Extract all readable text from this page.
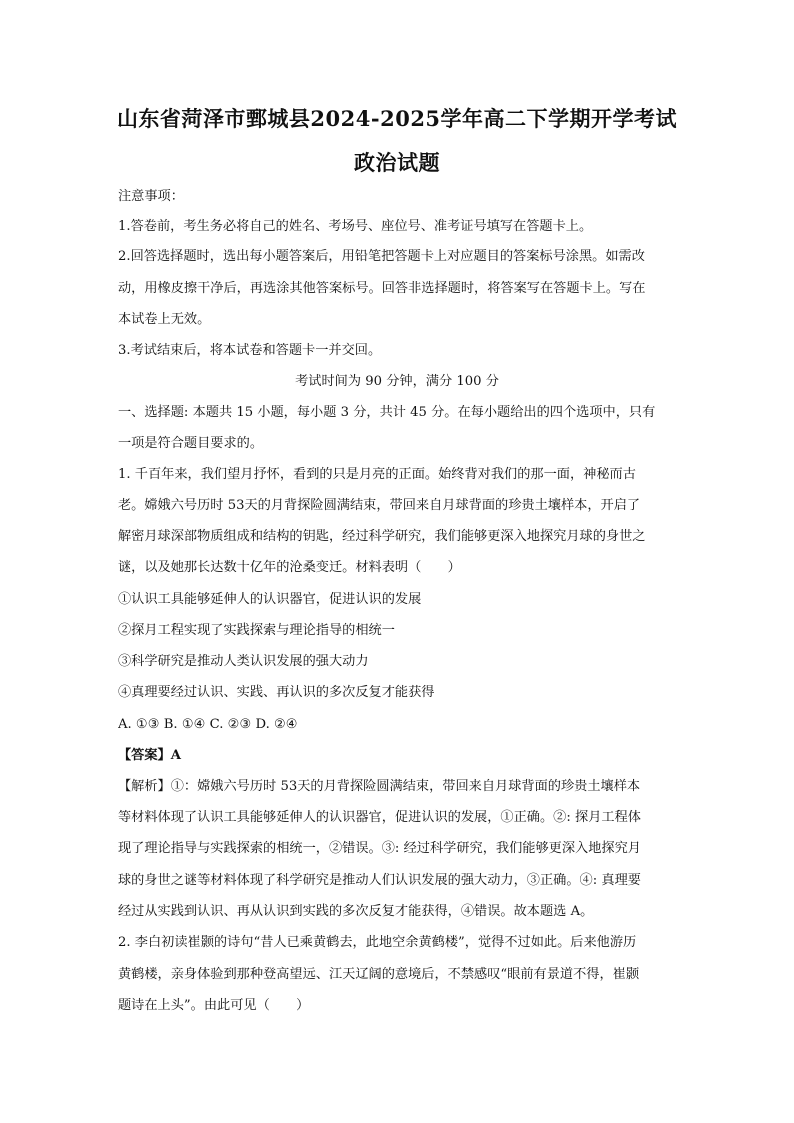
山东省菏泽市鄄城县2024-2025学年高二下学期开学考试
政治试题
注意事项：
1.答卷前，考生务必将自己的姓名、考场号、座位号、准考证号填写在答题卡上。
2.回答选择题时，选出每小题答案后，用铅笔把答题卡上对应题目的答案标号涂黑。如需改
动，用橡皮擦干净后，再选涂其他答案标号。回答非选择题时，将答案写在答题卡上。写在
本试卷上无效。
3.考试结束后，将本试卷和答题卡一并交回。
考试时间为 90 分钟，满分 100 分
一、选择题: 本题共 15 小题，每小题 3 分，共计 45 分。在每小题给出的四个选项中，只有
一项是符合题目要求的。
1. 千百年来，我们望月抒怀，看到的只是月亮的正面。始终背对我们的那一面，神秘而古
老。嫦娥六号历时 53天的月背探险圆满结束，带回来自月球背面的珍贵土壤样本，开启了
解密月球深部物质组成和结构的钥匙，经过科学研究，我们能够更深入地探究月球的身世之
谜，以及她那长达数十亿年的沧桑变迁。材料表明（　　）
①认识工具能够延伸人的认识器官，促进认识的发展
②探月工程实现了实践探索与理论指导的相统一
③科学研究是推动人类认识发展的强大动力
④真理要经过认识、实践、再认识的多次反复才能获得
A. ①③ B. ①④ C. ②③ D. ②④
【答案】A
【解析】①：嫦娥六号历时 53天的月背探险圆满结束，带回来自月球背面的珍贵土壤样本
等材料体现了认识工具能够延伸人的认识器官，促进认识的发展，①正确。②: 探月工程体
现了理论指导与实践探索的相统一，②错误。③: 经过科学研究，我们能够更深入地探究月
球的身世之谜等材料体现了科学研究是推动人们认识发展的强大动力，③正确。④: 真理要
经过从实践到认识、再从认识到实践的多次反复才能获得，④错误。故本题选 A。
2. 李白初读崔颢的诗句“昔人已乘黄鹤去，此地空余黄鹤楼”，觉得不过如此。后来他游历
黄鹤楼，亲身体验到那种登高望远、江天辽阔的意境后，不禁感叹“眼前有景道不得，崔颢
题诗在上头”。由此可见（　　）
